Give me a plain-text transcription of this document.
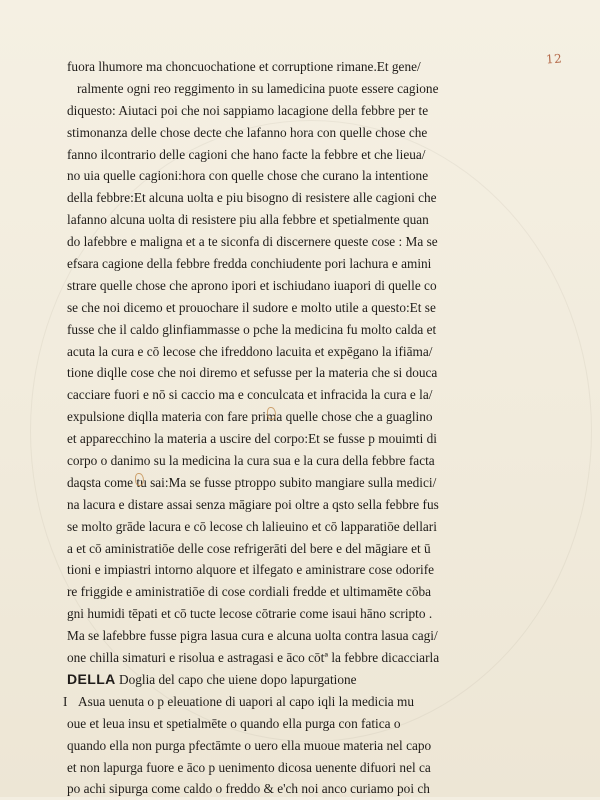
12
fuora lhumore ma choncuochatione et corruptione rimane.Et gene/
ralmente ogni reo reggimento in su lamedicina puote essere cagione
diquesto: Aiutaci poi che noi sappiamo lacagione della febbre per te
stimonanza delle chose decte che lafanno hora con quelle chose che
fanno ilcontrario delle cagioni che hano facte la febbre et che lieua/
no uia quelle cagioni:hora con quelle chose che curano la intentione
della febbre:Et alcuna uolta e piu bisogno di resistere alle cagioni che
lafanno alcuna uolta di resistere piu alla febbre et spetialmente quan
do lafebbre e maligna et a te siconfa di discernere queste cose : Ma se
efsara cagione della febbre fredda conchiudente pori lachura e amini
strare quelle chose che aprono ipori et ischiudano iuapori di quelle co
se che noi dicemo et prouochare il sudore e molto utile a questo:Et se
fusse che il caldo glinfiammasse o pche la medicina fu molto calda et
acuta la cura e cō lecose che ifreddono lacuita et expēgano la ifiāma/
tione diqlle cose che noi diremo et sefusse per la materia che si douca
cacciare fuori e nō si caccio ma e conculcata et infracida la cura e la/
expulsione diqlla materia con fare prima quelle chose che a guaglino
et apparecchino la materia a uscire del corpo:Et se fusse p mouimti di
corpo o danimo su la medicina la cura sua e la cura della febbre facta
daqsta come tu sai:Ma se fusse ptroppo subito mangiare sulla medici/
na lacura e distare assai senza māgiare poi oltre a qsto sella febbre fus
se molto grāde lacura e cō lecose ch lalieuino et cō lapparatiōe dellari
a et cō aministratiōe delle cose refrigerāti del bere e del māgiare et ū
tioni e impiastri intorno alquore et ilfegato e aministrare cose odorife
re friggide e aministratiōe di cose cordiali fredde et ultimamēte cōba
gni humidi tēpati et cō tucte lecose cōtrarie come isaui hāno scripto .
Ma se lafebbre fusse pigra lasua cura e alcuna uolta contra lasua cagi/
one chilla simaturi e risolua e astragasi e āco cōtª la febbre dicacciarla
DELLA Doglia del capo che uiene dopo lapurgatione
I Asua uenuta o p eleuatione di uapori al capo iqli la medicia mu
oue et leua insu et spetialmēte o quando ella purga con fatica o
quando ella non purga pfectāmte o uero ella muoue materia nel capo
et non lapurga fuore e āco p uenimento dicosa uenente difuori nel ca
po achi sipurga come caldo o freddo & e'ch noi anco curiamo poi ch
